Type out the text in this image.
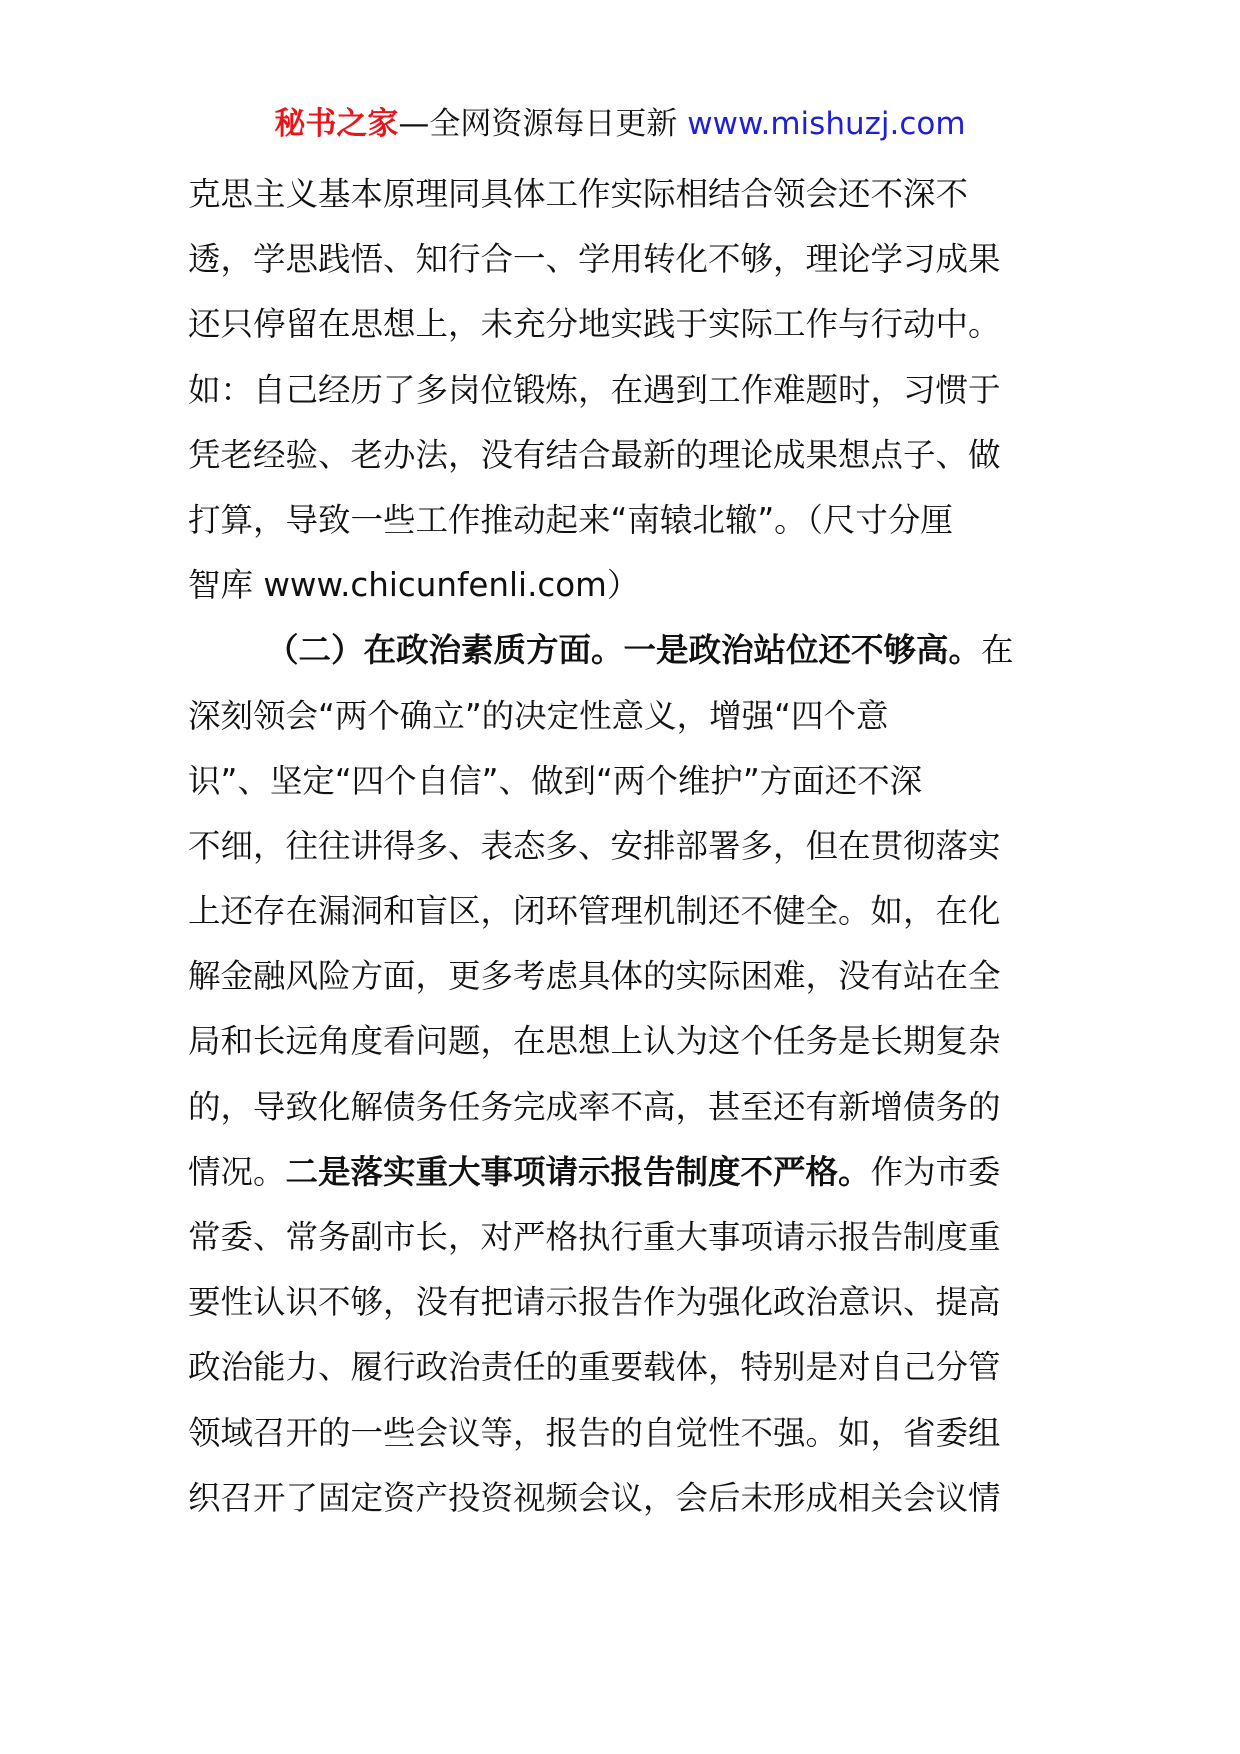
秘书之家—全网资源每日更新 www.mishuzj.com
克思主义基本原理同具体工作实际相结合领会还不深不
透，学思践悟、知行合一、学用转化不够，理论学习成果
还只停留在思想上，未充分地实践于实际工作与行动中。
如：自己经历了多岗位锻炼，在遇到工作难题时，习惯于
凭老经验、老办法，没有结合最新的理论成果想点子、做
打算，导致一些工作推动起来“南辕北辙”。（尺寸分厘
智库 www.chicunfenli.com）
（二）在政治素质方面。一是政治站位还不够高。在
深刻领会“两个确立”的决定性意义，增强“四个意
识”、坚定“四个自信”、做到“两个维护”方面还不深
不细，往往讲得多、表态多、安排部署多，但在贯彻落实
上还存在漏洞和盲区，闭环管理机制还不健全。如，在化
解金融风险方面，更多考虑具体的实际困难，没有站在全
局和长远角度看问题，在思想上认为这个任务是长期复杂
的，导致化解债务任务完成率不高，甚至还有新增债务的
情况。二是落实重大事项请示报告制度不严格。作为市委
常委、常务副市长，对严格执行重大事项请示报告制度重
要性认识不够，没有把请示报告作为强化政治意识、提高
政治能力、履行政治责任的重要载体，特别是对自己分管
领域召开的一些会议等，报告的自觉性不强。如，省委组
织召开了固定资产投资视频会议，会后未形成相关会议情
